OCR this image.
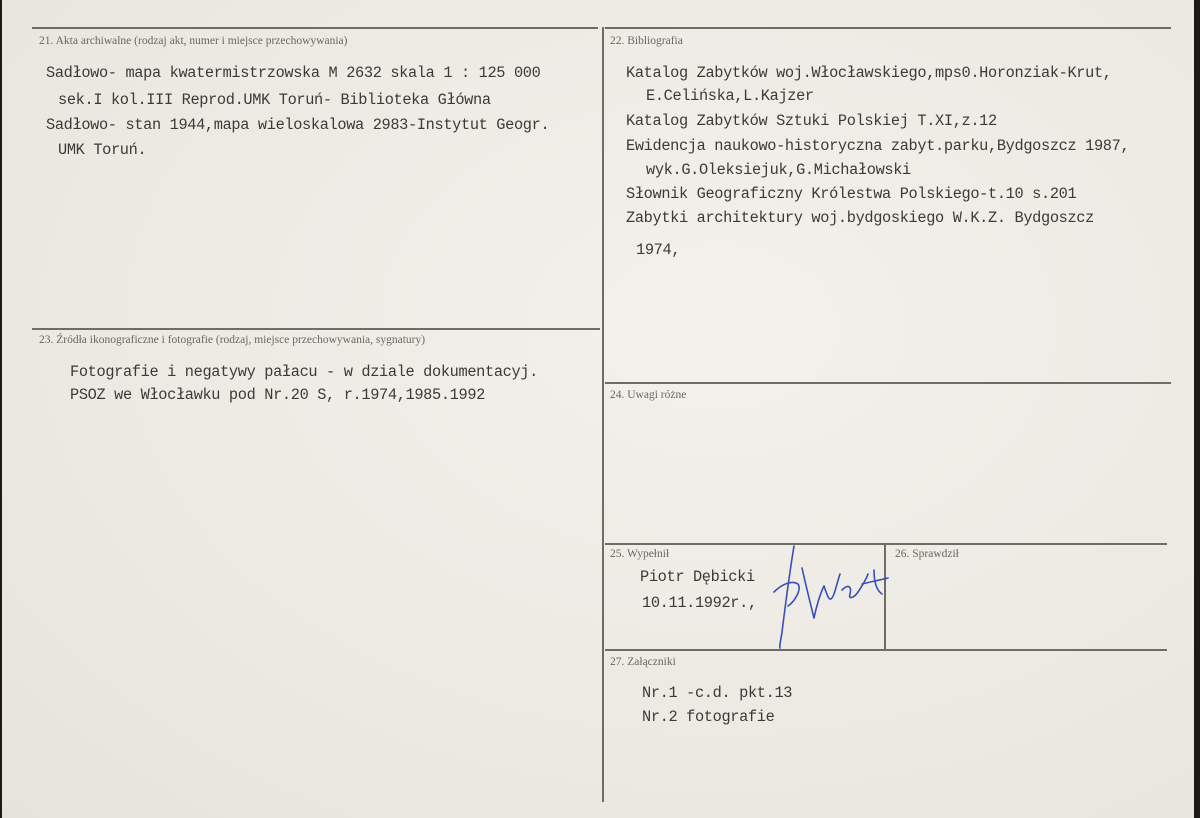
21. Akta archiwalne (rodzaj akt, numer i miejsce przechowywania)
Sadłowo- mapa kwatermistrzowska M 2632 skala 1 : 125 000
sek.I kol.III Reprod.UMK Toruń- Biblioteka Główna
Sadłowo- stan 1944,mapa wieloskalowa 2983-Instytut Geogr.
UMK Toruń.
22. Bibliografia
Katalog Zabytków woj.Włocławskiego,mps0.Horonziak-Krut,
E.Celińska,L.Kajzer
Katalog Zabytków Sztuki Polskiej T.XI,z.12
Ewidencja naukowo-historyczna zabyt.parku,Bydgoszcz 1987,
wyk.G.Oleksiejuk,G.Michałowski
Słownik Geograficzny Królestwa Polskiego-t.10 s.201
Zabytki architektury woj.bydgoskiego W.K.Z. Bydgoszcz
1974,
23. Źródła ikonograficzne i fotografie (rodzaj, miejsce przechowywania, sygnatury)
Fotografie i negatywy pałacu - w dziale dokumentacyj.
PSOZ we Włocławku pod Nr.20 S, r.1974,1985.1992	24. Uwagi różne
25. Wypełnił
Piotr Dębicki
10.11.1992r.,
26. Sprawdził
27. Załączniki
Nr.1 -c.d. pkt.13
Nr.2 fotografie
